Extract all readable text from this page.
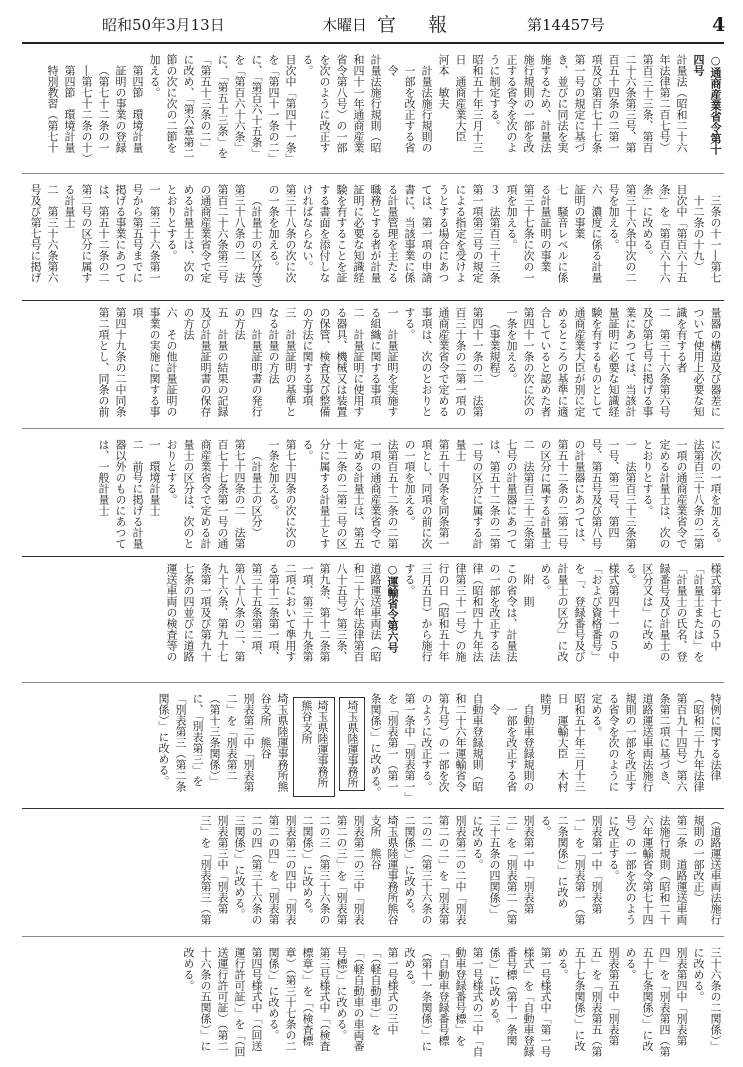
昭和50年3月13日	木曜日 官報	第14457号	4

○通商産業省令第十四号

計量法（昭和二十六年法律第二百七号）第百三十三条、第百二十六条第三号、第百五十四条の二第一項及び第百七十七条第一号の規定に基づき、並びに同法を実施するため、計量法施行規則の一部を改正する省令を次のように制定する。

昭和五十年三月十三日　通商産業大臣　河本　敏夫

計量法施行規則の一部を改正する省令

計量法施行規則（昭和四十一年通商産業省令第八号）の一部を次のように改正する。

目次中「第四十一条」を「第四十一条の二」に、「第百六十五条」を「第百六十六条」に、「第五十三条」を「第五十三条の二」に改め、「第六章第二節の次に次の二節を加える。

第四節　環境計量証明の事業の登録（第七十二条の一―第七十二条の十）

第四節　環境計量特別教習（第七十三条の十一―第七十二条の十九）

目次中「第百六十五条」を「第百六十六条」に改める。

第三十六条中次の二号を加える。

六　濃度に係る計量証明の事業

七　騒音レベルに係る計量証明の事業

第三十七条に次の一項を加える。

３　法第百三十三条第一項第三号の規定による指定を受けようとする場合にあつては、第一項の申請書に、当該事業に係る計量管理を主たる職務とする者が計量証明に必要な知識経験を有することを証する書面を添付しなければならない。

第三十八条の次に次の一条を加える。

（計量士の区分等）

第三十八条の二　法第百二十六条第三号の通商産業省令で定める計量士は、次のとおりとする。

一　第三十六条第一号から第五号までに掲げる事業にあつては、第五十二条の二第二号の区分に属する計量士

二　第三十六条第六号及び第七号に掲げ

量器の構造及び器差について使用上必要な知識を有する者

二　第三十六条第六号及び第七号に掲げる事業にあつては、当該計量証明に必要な知識経験を有するものとして通商産業大臣が別に定めるところの基準に適合していると認めた者

第四十一条の次に次の一条を加える。

（事業規程）

第四十一条の二　法第百三十条の二第一項の通商産業省令で定める事項は、次のとおりとする。

一　計量証明を実施する組織に関する事項

二　計量証明に使用する器具、機械又は装置の保管、検査及び整備の方法に関する事項

三　計量証明の基準となる計量の方法

四　計量証明書の発行の方法

五　計量の結果の記録及び計量証明書の保存の方法

六　その他計量証明の事業の実施に関する事項

第四十九条の二中同条第二項とし、同条の前に次の一項を加える。

法第百三十八条の二第一項の通商産業省令で定める計量士は、次のとおりとする。

一　法第百三十三条第一号、第二号、第四号、第五号及び第八号の計量器にあつては、第五十二条の二第二号の区分に属する計量士

二　法第百三十三条第七号の計量器にあつては、第五十二条の二第一号の区分に属する計量士

第五十四条を同条第一項とし、同項の前に次の一項を加える。

法第百五十二条の二第一項の通商産業省令で定める計量士は、第五十二条の二第二号の区分に属する計量士とする。

第七十四条の次に次の一条を加える。

（計量士の区分）

第七十四条の二　法第百七十七条第一号の通商産業省令で定める計量士の区分は、次のとおりとする。

一　環境計量士

二　前号に掲げる計量器以外のものにあつては、一般計量士

様式第十七の５中「計量士または」を「計量士の氏名、登録番号及び計量士の区分又は」に改める。

様式第四十一の５中「および資格番号」を「、登録番号及び計量士の区分」に改める。

附　則

この省令は、計量法の一部を改正する法律（昭和四十九年法律第三十一号）の施行の日（昭和五十年三月五日）から施行する。

○運輸省令第六号

道路運送車両法（昭和二十六年法律第百八十五号）第三条、第九条、第十二条第一項、第三十九条第二項において準用する第十二条第一項、第三十五条第二項、第八十八条の二、第九十六条、第九十七条第一項及び第九十七条の四並びに道路運送車両の検査等の特例に関する法律（昭和三十九年法律第百九十四号）第六条第二項に基づき、道路運送車両法施行規則の一部を改正する省令を次のように定める。

昭和五十年三月十三日　運輸大臣　木村　睦男

自動車登録規則の一部を改正する省令

自動車登録規則（昭和二十六年運輸省令第九号）の一部を次のように改正する。

第一条中「別表第一」を「別表第一（第一条関係）」に改める。

埼玉県陸運事務所 埼玉県陸運事務所熊谷支所

埼玉県陸運事務所熊谷支所　熊谷

別表第二中「別表第二」を「別表第二（第十三条関係）」に、「別表第三」を「別表第三（第二条関係）」に改める。

（道路運送車両法施行規則の一部改正）

第二条　道路運送車両法施行規則（昭和二十六年運輸省令第七十四号）の一部を次のように改正する。

別表第一中「別表第一」を「別表第一（第二条関係）」に改める。

別表第一中「別表第二」を「別表第二（第三十五条の四関係）」に改める。

別表第二の二中「別表第二の二」を「別表第二の二（第三十六条の二関係）」に改める。

埼玉県陸運事務所熊谷支所　熊谷

別表第二の三中「別表第二の三」を「別表第二の三（第三十六条の二関係）」に改める。

別表第二の四中「別表第二の四」を「別表第二の四（第三十六条の三関係）」に改める。

別表第三中「別表第三」を「別表第三（第三十六条の二関係）」に改める。

別表第四中「別表第四」を「別表第四（第五十七条関係）」に改める。

別表第五中「別表第五」を「別表第五（第五十七条関係）」に改める。

第一号様式中「第一号様式」を「自動車登録番号標（第十一条関係）」に改める。

第一号様式の二中「自動車登録番号標」を「自動車登録番号標（第十一条関係）」に改める。

第一号様式の三中「（軽自動車）」を「（軽自動車の車両番号標）」に改める。

第三号様式中「（検査標章）」を「（検査標章）（第三十七条の二関係）」に改める。

第四号様式中「（回送運行許可証）」を「（回送運行許可証）（第二十六条の五関係）」に改める。
